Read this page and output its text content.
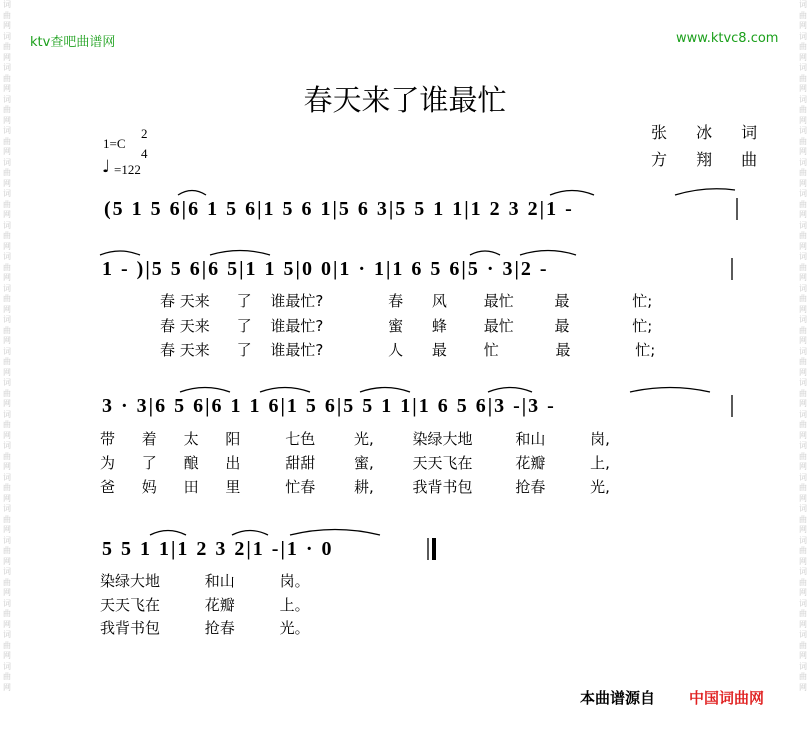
词
曲
网
词
曲
网
词
曲
网
词
曲
网
词
曲
网
词
曲
网
词
曲
网
词
曲
网
词
曲
网
词
曲
网
词
曲
网
词
曲
网
词
曲
网
词
曲
网
词
曲
网
词
曲
网
词
曲
网
词
曲
网
词
曲
网
词
曲
网
词
曲
网
词
曲
网
词
曲
网
词
曲
网
词
曲
网
词
曲
网
词
曲
网
词
曲
网
词
曲
网
词
曲
网
词
曲
网
词
曲
网
词
曲
网
词
曲
网
词
曲
网
词
曲
网
词
曲
网
词
曲
网
词
曲
网
词
曲
网
词
曲
网
词
曲
网
词
曲
网
词
曲
网
ktv查吧曲谱网	www.ktvc8.com
春天来了谁最忙
张 冰 词
方 翔 曲
1=C
2
4
♩ =122
(5 1 5 6|6 1 5 6|1 5 6 1|5 6 3|5 5 1 1|1 2 3 2|1 -
1 - )|5 5 6|6 5|1 1 5|0 0|1 · 1|1 6 5 6|5 · 3|2 -
3 · 3|6 5 6|6 1 1 6|1 5 6|5 5 1 1|1 6 5 6|3 -|3 -
5 5 1 1|1 2 3 2|1 -|1 · 0
春 天来 了 谁最忙?	春 风 最忙	最	忙;
春 天来 了 谁最忙?	蜜 蜂 最忙	最	忙;
春 天来 了 谁最忙?	人 最 忙	最	忙;
带 着 太 阳	七色	光,	染绿大地	和山	岗,
为 了 酿 出	甜甜	蜜,	天天飞在	花瓣	上,
爸 妈 田 里	忙春	耕,	我背书包	抢春	光,
染绿大地	和山	岗。
天天飞在	花瓣	上。
我背书包	抢春	光。
本曲谱源自 中国词曲网
